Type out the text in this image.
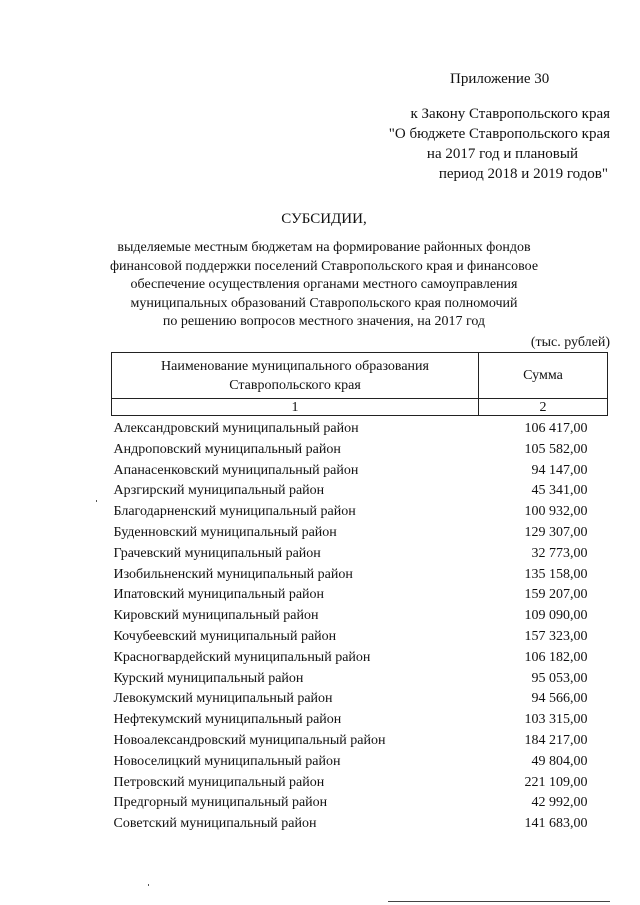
Приложение 30
к Закону Ставропольского края
"О бюджете Ставропольского края
на 2017 год и плановый
период 2018 и 2019 годов"
СУБСИДИИ,
выделяемые местным бюджетам на формирование районных фондов
финансовой поддержки поселений Ставропольского края и финансовое
обеспечение осуществления органами местного самоуправления
муниципальных образований Ставропольского края полномочий
по решению вопросов местного значения, на 2017 год
(тыс. рублей)
Наименование муниципального образования
Ставропольского края	Сумма
1	2
Александровский муниципальный район	106 417,00
Андроповский муниципальный район	105 582,00
Апанасенковский муниципальный район	94 147,00
Арзгирский муниципальный район	45 341,00
Благодарненский муниципальный район	100 932,00
Буденновский муниципальный район	129 307,00
Грачевский муниципальный район	32 773,00
Изобильненский муниципальный район	135 158,00
Ипатовский муниципальный район	159 207,00
Кировский муниципальный район	109 090,00
Кочубеевский муниципальный район	157 323,00
Красногвардейский муниципальный район	106 182,00
Курский муниципальный район	95 053,00
Левокумский муниципальный район	94 566,00
Нефтекумский муниципальный район	103 315,00
Новоалександровский муниципальный район	184 217,00
Новоселицкий муниципальный район	49 804,00
Петровский муниципальный район	221 109,00
Предгорный муниципальный район	42 992,00
Советский муниципальный район	141 683,00
